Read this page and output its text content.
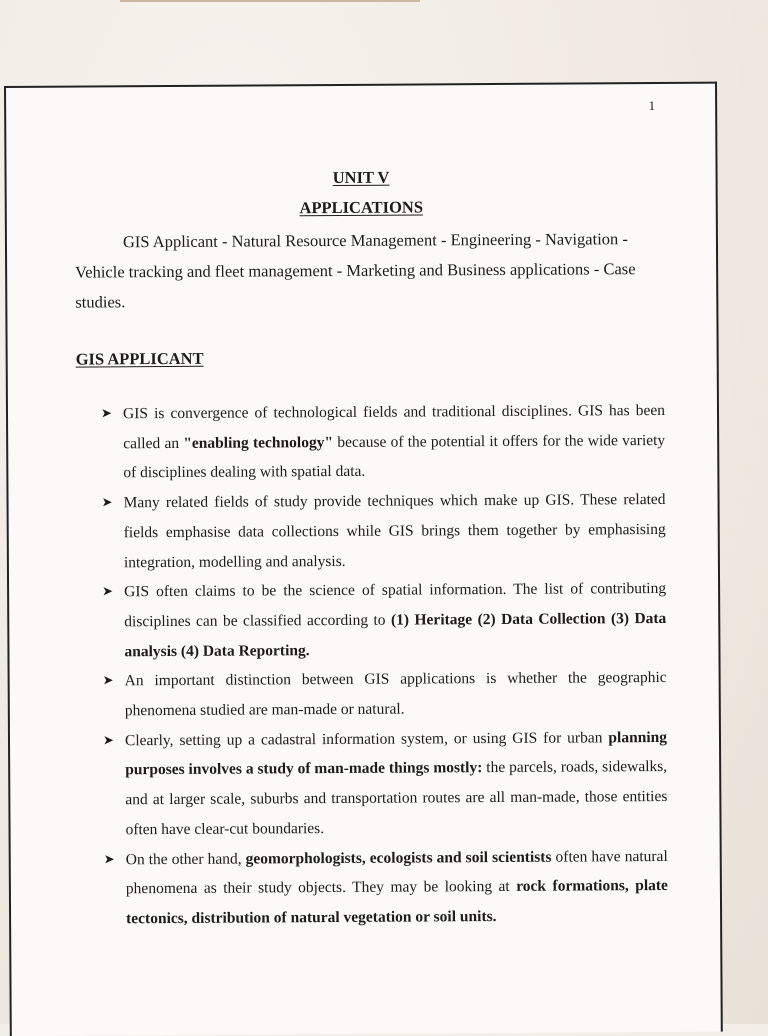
1
UNIT V
APPLICATIONS
GIS Applicant - Natural Resource Management - Engineering - Navigation - Vehicle tracking and fleet management - Marketing and Business applications - Case studies.
GIS APPLICANT
➤ GIS is convergence of technological fields and traditional disciplines. GIS has been called an "enabling technology" because of the potential it offers for the wide variety of disciplines dealing with spatial data.
➤ Many related fields of study provide techniques which make up GIS. These related fields emphasise data collections while GIS brings them together by emphasising integration, modelling and analysis.
➤ GIS often claims to be the science of spatial information. The list of contributing disciplines can be classified according to (1) Heritage (2) Data Collection (3) Data analysis (4) Data Reporting.
➤ An important distinction between GIS applications is whether the geographic phenomena studied are man-made or natural.
➤ Clearly, setting up a cadastral information system, or using GIS for urban planning purposes involves a study of man-made things mostly: the parcels, roads, sidewalks, and at larger scale, suburbs and transportation routes are all man-made, those entities often have clear-cut boundaries.
➤ On the other hand, geomorphologists, ecologists and soil scientists often have natural phenomena as their study objects. They may be looking at rock formations, plate tectonics, distribution of natural vegetation or soil units.
